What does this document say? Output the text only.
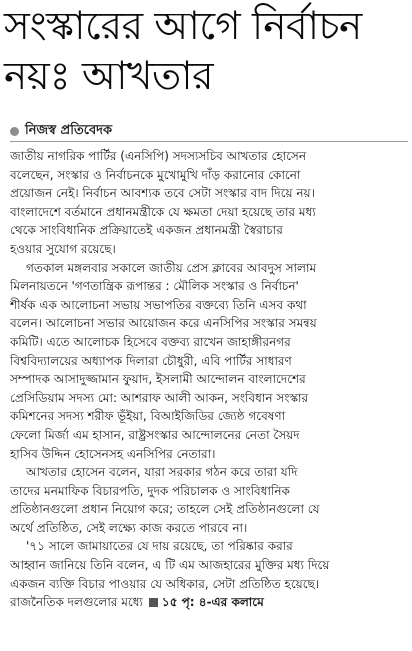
সংস্কারের আগে নির্বাচন
নয়ঃ আখতার
নিজস্ব প্রতিবেদক
জাতীয় নাগরিক পার্টির (এনসিপি) সদস্যসচিব আখতার হোসেন
বলেছেন, সংস্কার ও নির্বাচনকে মুখোমুখি দাঁড় করানোর কোনো
প্রয়োজন নেই। নির্বাচন আবশ্যক তবে সেটা সংস্কার বাদ দিয়ে নয়।
বাংলাদেশে বর্তমানে প্রধানমন্ত্রীকে যে ক্ষমতা দেয়া হয়েছে তার মধ্য
থেকে সাংবিধানিক প্রক্রিয়াতেই একজন প্রধানমন্ত্রী স্বৈরাচার
হওয়ার সুযোগ রয়েছে।
গতকাল মঙ্গলবার সকালে জাতীয় প্রেস ক্লাবের আবদুস সালাম
মিলনায়তনে 'গণতান্ত্রিক রূপান্তর : মৌলিক সংস্কার ও নির্বাচন'
শীর্ষক এক আলোচনা সভায় সভাপতির বক্তব্যে তিনি এসব কথা
বলেন। আলোচনা সভার আয়োজন করে এনসিপির সংস্কার সমন্বয়
কমিটি। এতে আলোচক হিসেবে বক্তব্য রাখেন জাহাঙ্গীরনগর
বিশ্ববিদ্যালয়ের অধ্যাপক দিলারা চৌধুরী, এবি পার্টির সাধারণ
সম্পাদক আসাদুজ্জামান ফুয়াদ, ইসলামী আন্দোলন বাংলাদেশের
প্রেসিডিয়াম সদস্য মো: আশরাফ আলী আকন, সংবিধান সংস্কার
কমিশনের সদস্য শরীফ ভূঁইয়া, বিআইজিডির জ্যেষ্ঠ গবেষণা
ফেলো মির্জা এম হাসান, রাষ্ট্রসংস্কার আন্দোলনের নেতা সৈয়দ
হাসিব উদ্দিন হোসেনসহ এনসিপির নেতারা।
আখতার হোসেন বলেন, যারা সরকার গঠন করে তারা যদি
তাদের মনমাফিক বিচারপতি, দুদক পরিচালক ও সাংবিধানিক
প্রতিষ্ঠানগুলো প্রধান নিয়োগ করে; তাহলে সেই প্রতিষ্ঠানগুলো যে
অর্থে প্রতিষ্ঠিত, সেই লক্ষ্যে কাজ করতে পারবে না।
'৭১ সালে জামায়াতের যে দায় রয়েছে, তা পরিষ্কার করার
আহ্বান জানিয়ে তিনি বলেন, এ টি এম আজহারের মুক্তির মধ্য দিয়ে
একজন ব্যক্তি বিচার পাওয়ার যে অধিকার, সেটা প্রতিষ্ঠিত হয়েছে।
রাজনৈতিক দলগুলোর মধ্যে ১৫ পৃ: ৪-এর কলামে
